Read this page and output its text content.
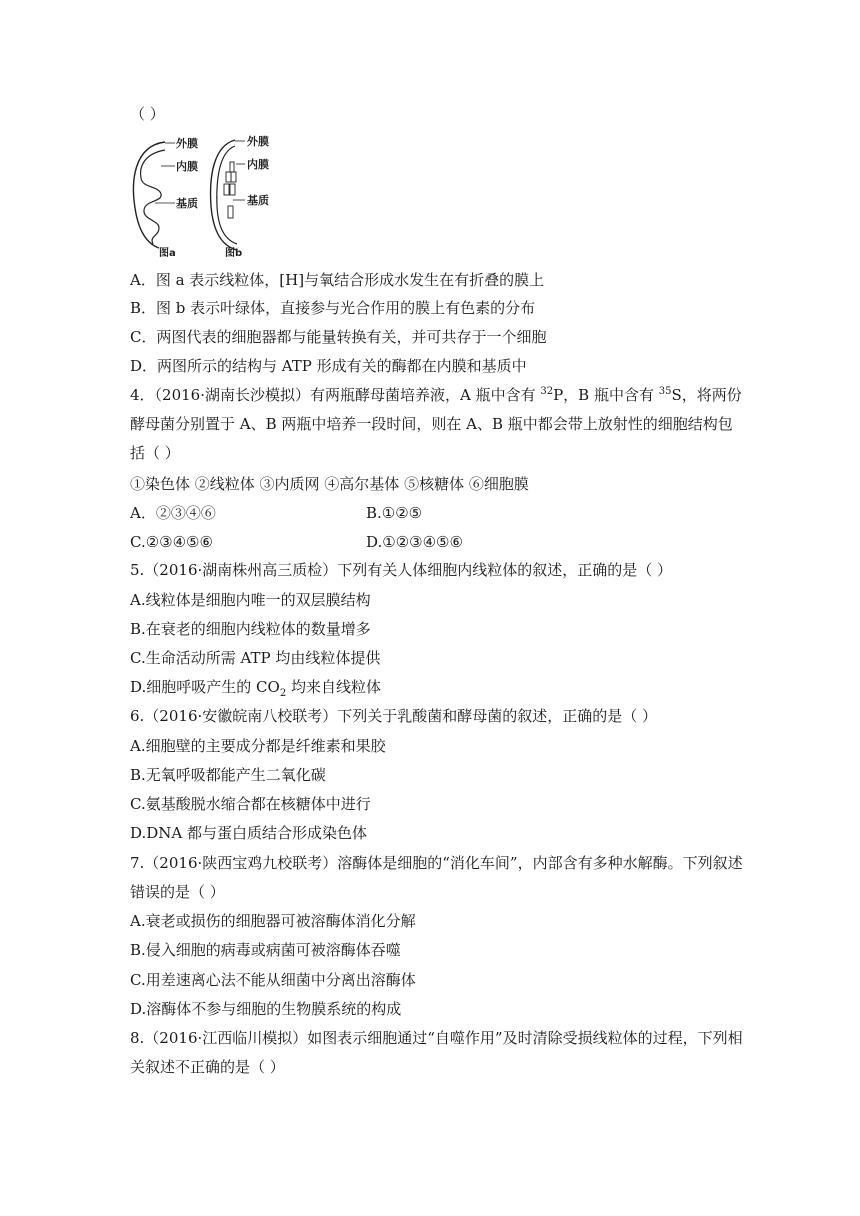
（ ）
外膜
内膜
基质
图a
外膜
内膜
基质
图b
A．图 a 表示线粒体，[H]与氧结合形成水发生在有折叠的膜上
B．图 b 表示叶绿体，直接参与光合作用的膜上有色素的分布
C．两图代表的细胞器都与能量转换有关，并可共存于一个细胞
D．两图所示的结构与 ATP 形成有关的酶都在内膜和基质中
4．（2016·湖南长沙模拟）有两瓶酵母菌培养液，A 瓶中含有 $^{32}$P，B 瓶中含有 $^{35}$S，将两份
酵母菌分别置于 A、B 两瓶中培养一段时间，则在 A、B 瓶中都会带上放射性的细胞结构包
括（ ）
①染色体 ②线粒体 ③内质网 ④高尔基体 ⑤核糖体 ⑥细胞膜
A．②③④⑥	B.①②⑤
C.②③④⑤⑥	D.①②③④⑤⑥
5.（2016·湖南株州高三质检）下列有关人体细胞内线粒体的叙述，正确的是（ ）
A.线粒体是细胞内唯一的双层膜结构
B.在衰老的细胞内线粒体的数量增多
C.生命活动所需 ATP 均由线粒体提供
D.细胞呼吸产生的 $CO_2$ 均来自线粒体
6.（2016·安徽皖南八校联考）下列关于乳酸菌和酵母菌的叙述，正确的是（ ）
A.细胞壁的主要成分都是纤维素和果胶
B.无氧呼吸都能产生二氧化碳
C.氨基酸脱水缩合都在核糖体中进行
D.DNA 都与蛋白质结合形成染色体
7.（2016·陕西宝鸡九校联考）溶酶体是细胞的“消化车间”，内部含有多种水解酶。下列叙述
错误的是（ ）
A.衰老或损伤的细胞器可被溶酶体消化分解
B.侵入细胞的病毒或病菌可被溶酶体吞噬
C.用差速离心法不能从细菌中分离出溶酶体
D.溶酶体不参与细胞的生物膜系统的构成
8.（2016·江西临川模拟）如图表示细胞通过“自噬作用”及时清除受损线粒体的过程，下列相
关叙述不正确的是（ ）
